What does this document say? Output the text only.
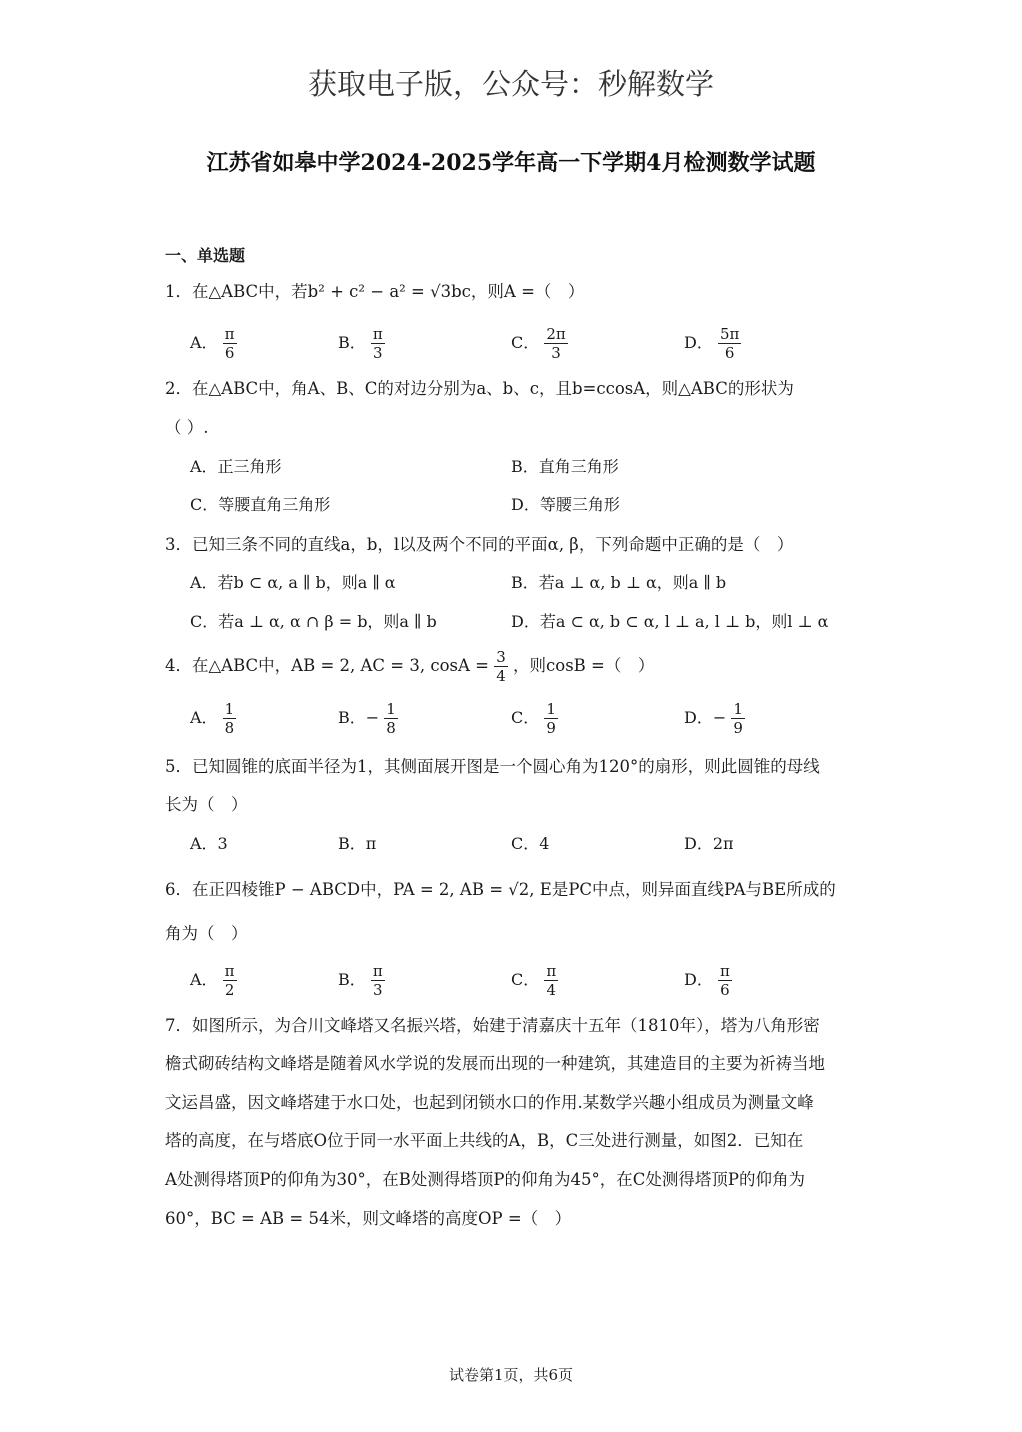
获取电子版，公众号：秒解数学
江苏省如皋中学2024-2025学年高一下学期4月检测数学试题
一、单选题
1．在△ABC中，若b² + c² − a² = √3bc，则A =（　）
A． $\frac{\pi}{6}$	B． $\frac{\pi}{3}$	C． $\frac{2\pi}{3}$	D． $\frac{5\pi}{6}$
2．在△ABC中，角A、B、C的对边分别为a、b、c，且b=ccosA，则△ABC的形状为
（ ）.
A．正三角形	B．直角三角形
C．等腰直角三角形	D．等腰三角形
3．已知三条不同的直线a，b，l以及两个不同的平面α, β，下列命题中正确的是（　）
A．若b ⊂ α, a ∥ b，则a ∥ α	B．若a ⊥ α, b ⊥ α，则a ∥ b
C．若a ⊥ α, α ∩ β = b，则a ∥ b	D．若a ⊂ α, b ⊂ α, l ⊥ a, l ⊥ b，则l ⊥ α
4．在△ABC中，AB = 2, AC = 3, $\cos A = \frac{3}{4}$ ，则cosB =（　）
A． $\frac{1}{8}$	B．− $\frac{1}{8}$	C． $\frac{1}{9}$	D．− $\frac{1}{9}$
5．已知圆锥的底面半径为1，其侧面展开图是一个圆心角为120°的扇形，则此圆锥的母线
长为（　）
A．3	B．π	C．4	D．2π
6．在正四棱锥P − ABCD中，PA = 2, AB = √2, E是PC中点，则异面直线PA与BE所成的
角为（　）
A． $\frac{\pi}{2}$	B． $\frac{\pi}{3}$	C． $\frac{\pi}{4}$	D． $\frac{\pi}{6}$
7．如图所示，为合川文峰塔又名振兴塔，始建于清嘉庆十五年（1810年），塔为八角形密
檐式砌砖结构文峰塔是随着风水学说的发展而出现的一种建筑，其建造目的主要为祈祷当地
文运昌盛，因文峰塔建于水口处，也起到闭锁水口的作用.某数学兴趣小组成员为测量文峰
塔的高度，在与塔底O位于同一水平面上共线的A，B，C三处进行测量，如图2．已知在
A处测得塔顶P的仰角为30°，在B处测得塔顶P的仰角为45°，在C处测得塔顶P的仰角为
60°，BC = AB = 54米，则文峰塔的高度OP =（　）
试卷第1页，共6页
